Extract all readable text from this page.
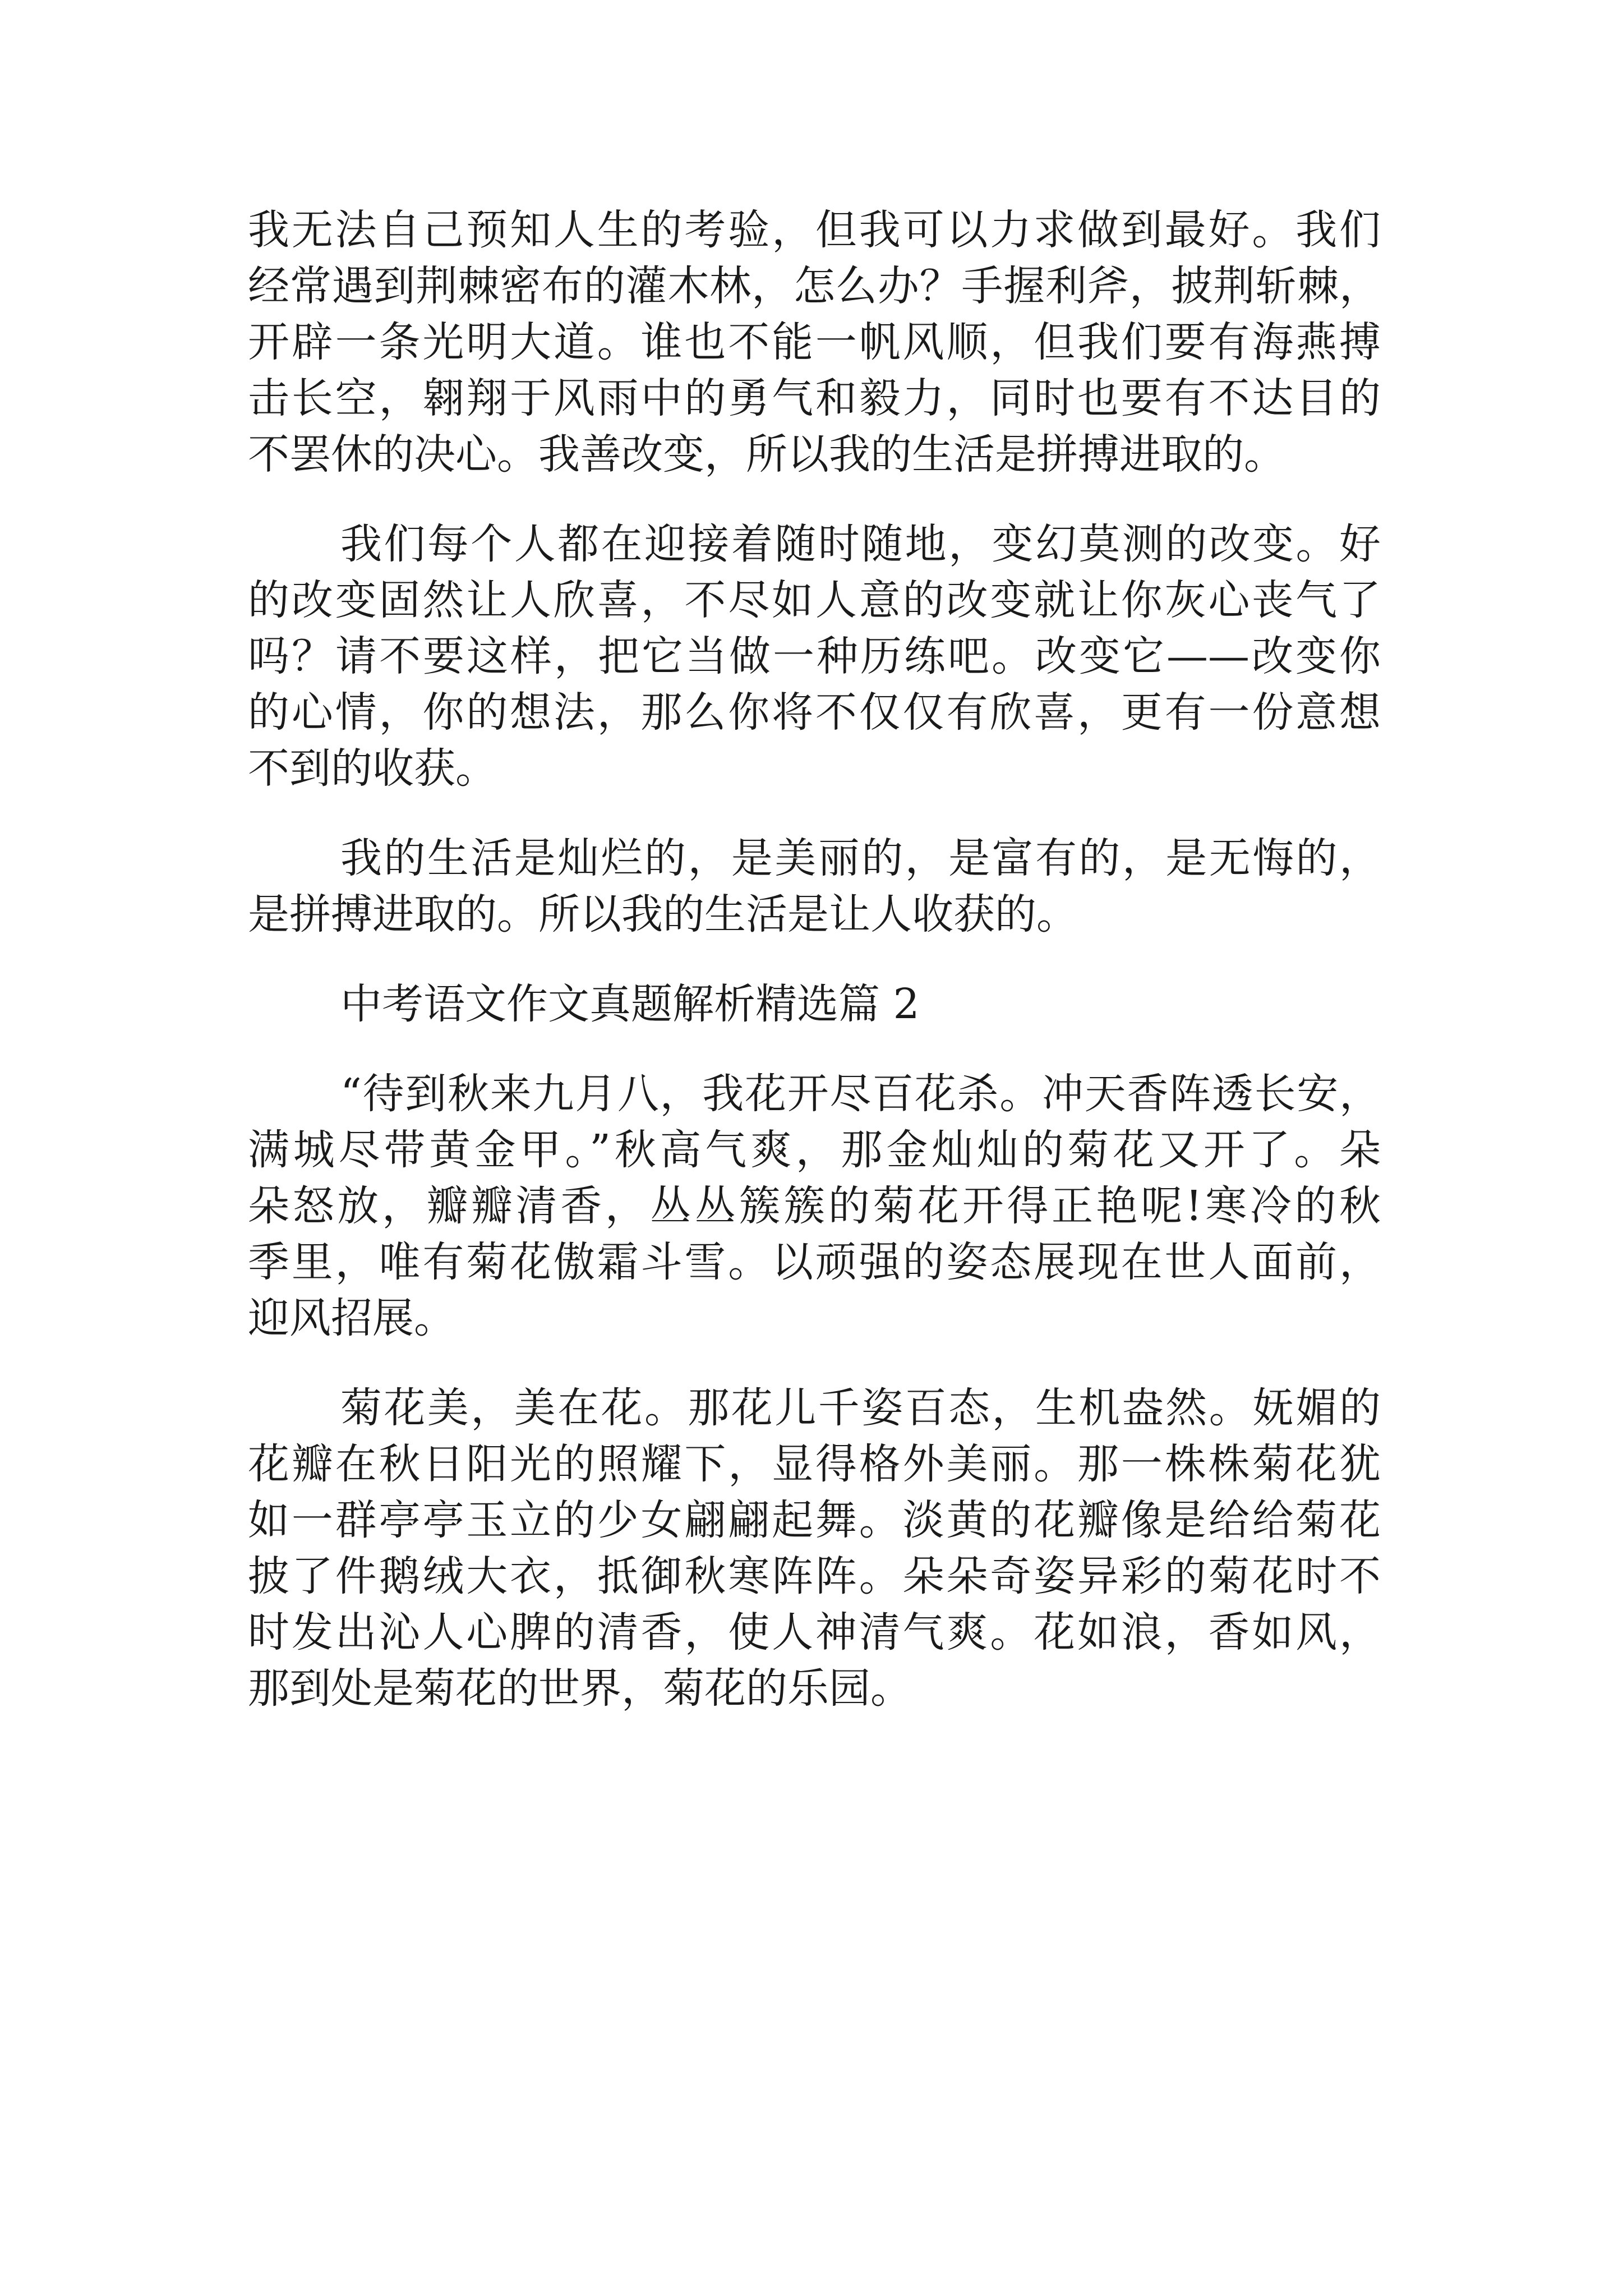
我无法自己预知人生的考验，但我可以力求做到最好。我们
经常遇到荆棘密布的灌木林，怎么办？手握利斧，披荆斩棘，
开辟一条光明大道。谁也不能一帆风顺，但我们要有海燕搏
击长空，翱翔于风雨中的勇气和毅力，同时也要有不达目的
不罢休的决心。我善改变，所以我的生活是拼搏进取的。
我们每个人都在迎接着随时随地，变幻莫测的改变。好
的改变固然让人欣喜，不尽如人意的改变就让你灰心丧气了
吗？请不要这样，把它当做一种历练吧。改变它——改变你
的心情，你的想法，那么你将不仅仅有欣喜，更有一份意想
不到的收获。
我的生活是灿烂的，是美丽的，是富有的，是无悔的，
是拼搏进取的。所以我的生活是让人收获的。
中考语文作文真题解析精选篇 2
“待到秋来九月八，我花开尽百花杀。冲天香阵透长安，
满城尽带黄金甲。”秋高气爽，那金灿灿的菊花又开了。朵
朵怒放，瓣瓣清香，丛丛簇簇的菊花开得正艳呢!寒冷的秋
季里，唯有菊花傲霜斗雪。以顽强的姿态展现在世人面前，
迎风招展。
菊花美，美在花。那花儿千姿百态，生机盎然。妩媚的
花瓣在秋日阳光的照耀下，显得格外美丽。那一株株菊花犹
如一群亭亭玉立的少女翩翩起舞。淡黄的花瓣像是给给菊花
披了件鹅绒大衣，抵御秋寒阵阵。朵朵奇姿异彩的菊花时不
时发出沁人心脾的清香，使人神清气爽。花如浪，香如风，
那到处是菊花的世界，菊花的乐园。
